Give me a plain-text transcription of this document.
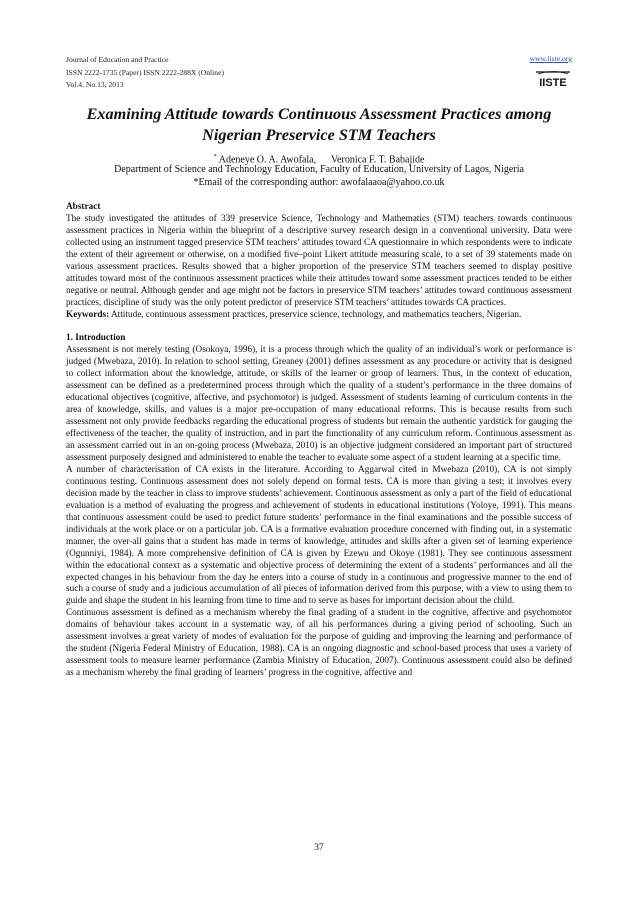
Journal of Education and Practice
ISSN 2222-1735 (Paper) ISSN 2222-288X (Online)
Vol.4, No.13, 2013
www.iiste.org
IISTE
Examining Attitude towards Continuous Assessment Practices among Nigerian Preservice STM Teachers
* Adeneye O. A. Awofala,      Veronica F. T. Babajide
Department of Science and Technology Education, Faculty of Education, University of Lagos, Nigeria
*Email of the corresponding author: awofalaaoa@yahoo.co.uk

Abstract

The study investigated the attitudes of 339 preservice Science, Technology and Mathematics (STM) teachers towards continuous assessment practices in Nigeria within the blueprint of a descriptive survey research design in a conventional university. Data were collected using an instrument tagged preservice STM teachers’ attitudes toward CA questionnaire in which respondents were to indicate the extent of their agreement or otherwise, on a modified five–point Likert attitude measuring scale, to a set of 39 statements made on various assessment practices. Results showed that a higher proportion of the preservice STM teachers seemed to display positive attitudes toward most of the continuous assessment practices while their attitudes toward some assessment practices tended to be either negative or neutral. Although gender and age might not be factors in preservice STM teachers’ attitudes toward continuous assessment practices, discipline of study was the only potent predictor of preservice STM teachers’ attitudes towards CA practices.

Keywords: Attitude, continuous assessment practices, preservice science, technology, and mathematics teachers, Nigerian.

1. Introduction

Assessment is not merely testing (Osokoya, 1996), it is a process through which the quality of an individual’s work or performance is judged (Mwebaza, 2010). In relation to school setting, Greaney (2001) defines assessment as any procedure or activity that is designed to collect information about the knowledge, attitude, or skills of the learner or group of learners. Thus, in the context of education, assessment can be defined as a predetermined process through which the quality of a student’s performance in the three domains of educational objectives (cognitive, affective, and psychomotor) is judged. Assessment of students learning of curriculum contents in the area of knowledge, skills, and values is a major pre-occupation of many educational reforms. This is because results from such assessment not only provide feedbacks regarding the educational progress of students but remain the authentic yardstick for gauging the effectiveness of the teacher, the quality of instruction, and in part the functionality of any curriculum reform. Continuous assessment as an assessment carried out in an on-going process (Mwebaza, 2010) is an objective judgment considered an important part of structured assessment purposely designed and administered to enable the teacher to evaluate some aspect of a student learning at a specific time.

A number of characterisation of CA exists in the literature. According to Aggarwal cited in Mwebaza (2010), CA is not simply continuous testing. Continuous assessment does not solely depend on formal tests. CA is more than giving a test; it involves every decision made by the teacher in class to improve students’ achievement. Continuous assessment as only a part of the field of educational evaluation is a method of evaluating the progress and achievement of students in educational institutions (Yoloye, 1991). This means that continuous assessment could be used to predict future students’ performance in the final examinations and the possible success of individuals at the work place or on a particular job. CA is a formative evaluation procedure concerned with finding out, in a systematic manner, the over-all gains that a student has made in terms of knowledge, attitudes and skills after a given set of learning experience (Ogunniyi, 1984). A more comprehensive definition of CA is given by Ezewu and Okoye (1981). They see continuous assessment within the educational context as a systematic and objective process of determining the extent of a students’ performances and all the expected changes in his behaviour from the day he enters into a course of study in a continuous and progressive manner to the end of such a course of study and a judicious accumulation of all pieces of information derived from this purpose, with a view to using them to guide and shape the student in his learning from time to time and to serve as bases for important decision about the child.

Continuous assessment is defined as a mechanism whereby the final grading of a student in the cognitive, affective and psychomotor domains of behaviour takes account in a systematic way, of all his performances during a giving period of schooling. Such an assessment involves a great variety of modes of evaluation for the purpose of guiding and improving the learning and performance of the student (Nigeria Federal Ministry of Education, 1988). CA is an ongoing diagnostic and school-based process that uses a variety of assessment tools to measure learner performance (Zambia Ministry of Education, 2007). Continuous assessment could also be defined as a mechanism whereby the final grading of learners’ progress in the cognitive, affective and

37
